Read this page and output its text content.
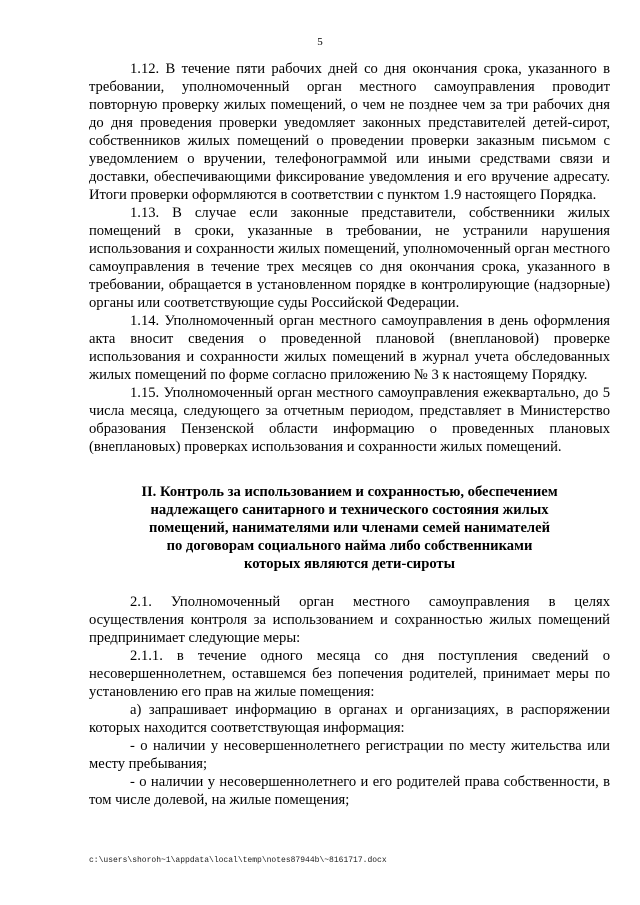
5

1.12. В течение пяти рабочих дней со дня окончания срока, указанного в требовании, уполномоченный орган местного самоуправления проводит повторную проверку жилых помещений, о чем не позднее чем за три рабочих дня до дня проведения проверки уведомляет законных представителей детей-сирот, собственников жилых помещений о проведении проверки заказным письмом с уведомлением о вручении, телефонограммой или иными средствами связи и доставки, обеспечивающими фиксирование уведомления и его вручение адресату. Итоги проверки оформляются в соответствии с пунктом 1.9 настоящего Порядка.

1.13. В случае если законные представители, собственники жилых помещений в сроки, указанные в требовании, не устранили нарушения использования и сохранности жилых помещений, уполномоченный орган местного самоуправления в течение трех месяцев со дня окончания срока, указанного в требовании, обращается в установленном порядке в контролирующие (надзорные) органы или соответствующие суды Российской Федерации.

1.14. Уполномоченный орган местного самоуправления в день оформления акта вносит сведения о проведенной плановой (внеплановой) проверке использования и сохранности жилых помещений в журнал учета обследованных жилых помещений по форме согласно приложению № 3 к настоящему Порядку.

1.15. Уполномоченный орган местного самоуправления ежеквартально, до 5 числа месяца, следующего за отчетным периодом, представляет в Министерство образования Пензенской области информацию о проведенных плановых (внеплановых) проверках использования и сохранности жилых помещений.

II. Контроль за использованием и сохранностью, обеспечением
надлежащего санитарного и технического состояния жилых
помещений, нанимателями или членами семей нанимателей
по договорам социального найма либо собственниками
которых являются дети-сироты

2.1. Уполномоченный орган местного самоуправления в целях осуществления контроля за использованием и сохранностью жилых помещений предпринимает следующие меры:

2.1.1. в течение одного месяца со дня поступления сведений о несовершеннолетнем, оставшемся без попечения родителей, принимает меры по установлению его прав на жилые помещения:

а) запрашивает информацию в органах и организациях, в распоряжении которых находится соответствующая информация:

- о наличии у несовершеннолетнего регистрации по месту жительства или месту пребывания;

- о наличии у несовершеннолетнего и его родителей права собственности, в том числе долевой, на жилые помещения;

c:\users\shoroh~1\appdata\local\temp\notes87944b\~8161717.docx
